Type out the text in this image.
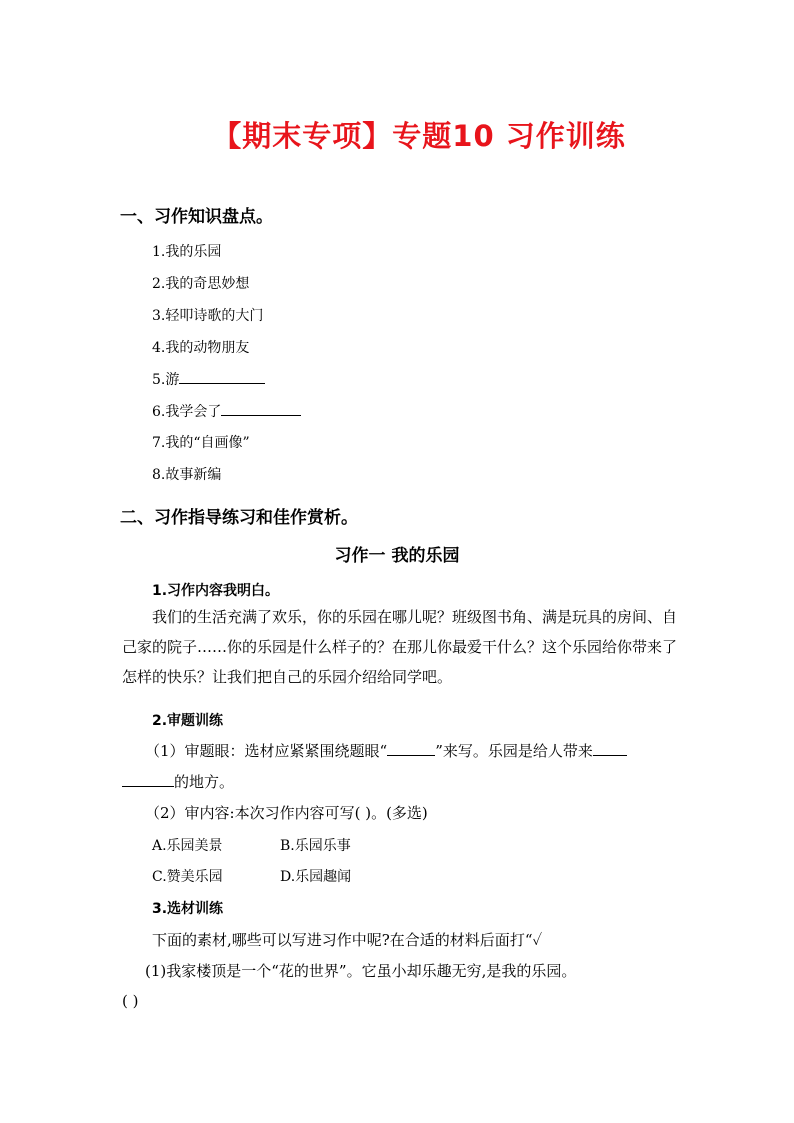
【期末专项】专题10 习作训练
一、习作知识盘点。
1.我的乐园
2.我的奇思妙想
3.轻叩诗歌的大门
4.我的动物朋友
5.游
6.我学会了
7.我的“自画像”
8.故事新编
二、习作指导练习和佳作赏析。
习作一 我的乐园
1.习作内容我明白。
我们的生活充满了欢乐，你的乐园在哪儿呢？班级图书角、满是玩具的房间、自己家的院子……你的乐园是什么样子的？在那儿你最爱干什么？这个乐园给你带来了怎样的快乐？让我们把自己的乐园介绍给同学吧。
2.审题训练
（1）审题眼：选材应紧紧围绕题眼“	”来写。乐园是给人带来
的地方。
（2）审内容:本次习作内容可写( )。(多选)
A.乐园美景	B.乐园乐事
C.赞美乐园	D.乐园趣闻
3.选材训练
下面的素材,哪些可以写进习作中呢?在合适的材料后面打“✓
(1)我家楼顶是一个“花的世界”。它虽小却乐趣无穷,是我的乐园。
( )
